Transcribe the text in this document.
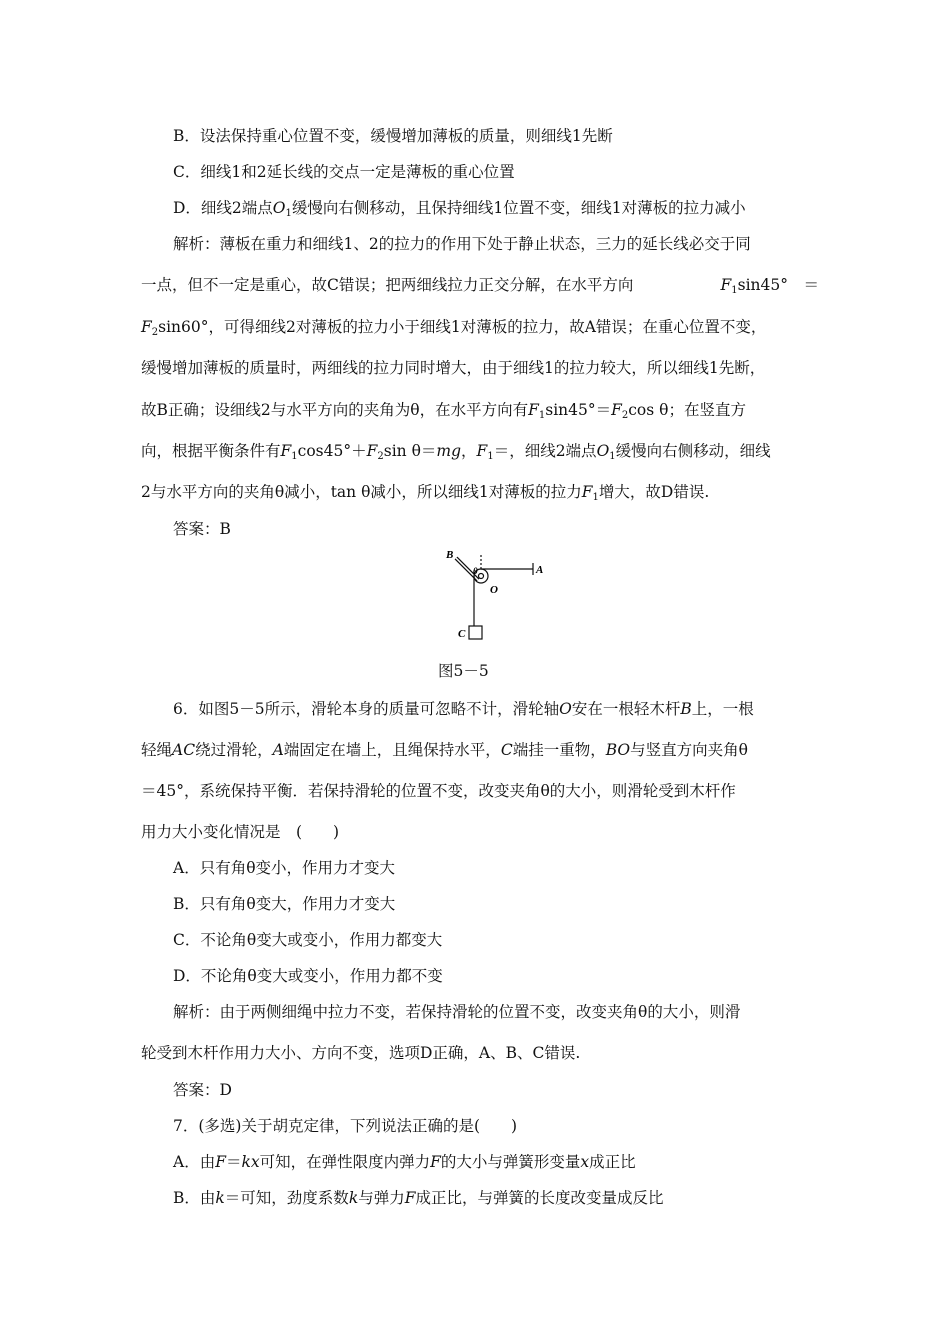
B．设法保持重心位置不变，缓慢增加薄板的质量，则细线1先断
C．细线1和2延长线的交点一定是薄板的重心位置
D．细线2端点$O_1$缓慢向右侧移动，且保持细线1位置不变，细线1对薄板的拉力减小
解析：薄板在重力和细线1、2的拉力的作用下处于静止状态，三力的延长线必交于同
一点，但不一定是重心，故C错误；把两细线拉力正交分解，在水平方向	$F_1\sin 45^\circ$　＝
$F_2\sin 60^\circ$，可得细线2对薄板的拉力小于细线1对薄板的拉力，故A错误；在重心位置不变，
缓慢增加薄板的质量时，两细线的拉力同时增大，由于细线1的拉力较大，所以细线1先断，
故B正确；设细线2与水平方向的夹角为θ，在水平方向有$F_1\sin 45^\circ=F_2\cos$ θ；在竖直方
向，根据平衡条件有$F_1\cos 45^\circ+F_2\sin$ θ＝mg，$F_1=$，细线2端点$O_1$缓慢向右侧移动，细线
2与水平方向的夹角θ减小，tan θ减小，所以细线1对薄板的拉力$F_1$增大，故D错误.
答案：B
B
θ	A
O
C
图5－5
6．如图5－5所示，滑轮本身的质量可忽略不计，滑轮轴O安在一根轻木杆B上，一根
轻绳AC绕过滑轮，A端固定在墙上，且绳保持水平，C端挂一重物，BO与竖直方向夹角θ
＝45°，系统保持平衡．若保持滑轮的位置不变，改变夹角θ的大小，则滑轮受到木杆作
用力大小变化情况是　(　　)
A．只有角θ变小，作用力才变大
B．只有角θ变大，作用力才变大
C．不论角θ变大或变小，作用力都变大
D．不论角θ变大或变小，作用力都不变
解析：由于两侧细绳中拉力不变，若保持滑轮的位置不变，改变夹角θ的大小，则滑
轮受到木杆作用力大小、方向不变，选项D正确，A、B、C错误.
答案：D
7．(多选)关于胡克定律，下列说法正确的是(　　)
A．由F＝kx可知，在弹性限度内弹力F的大小与弹簧形变量x成正比
B．由k＝可知，劲度系数k与弹力F成正比，与弹簧的长度改变量成反比
